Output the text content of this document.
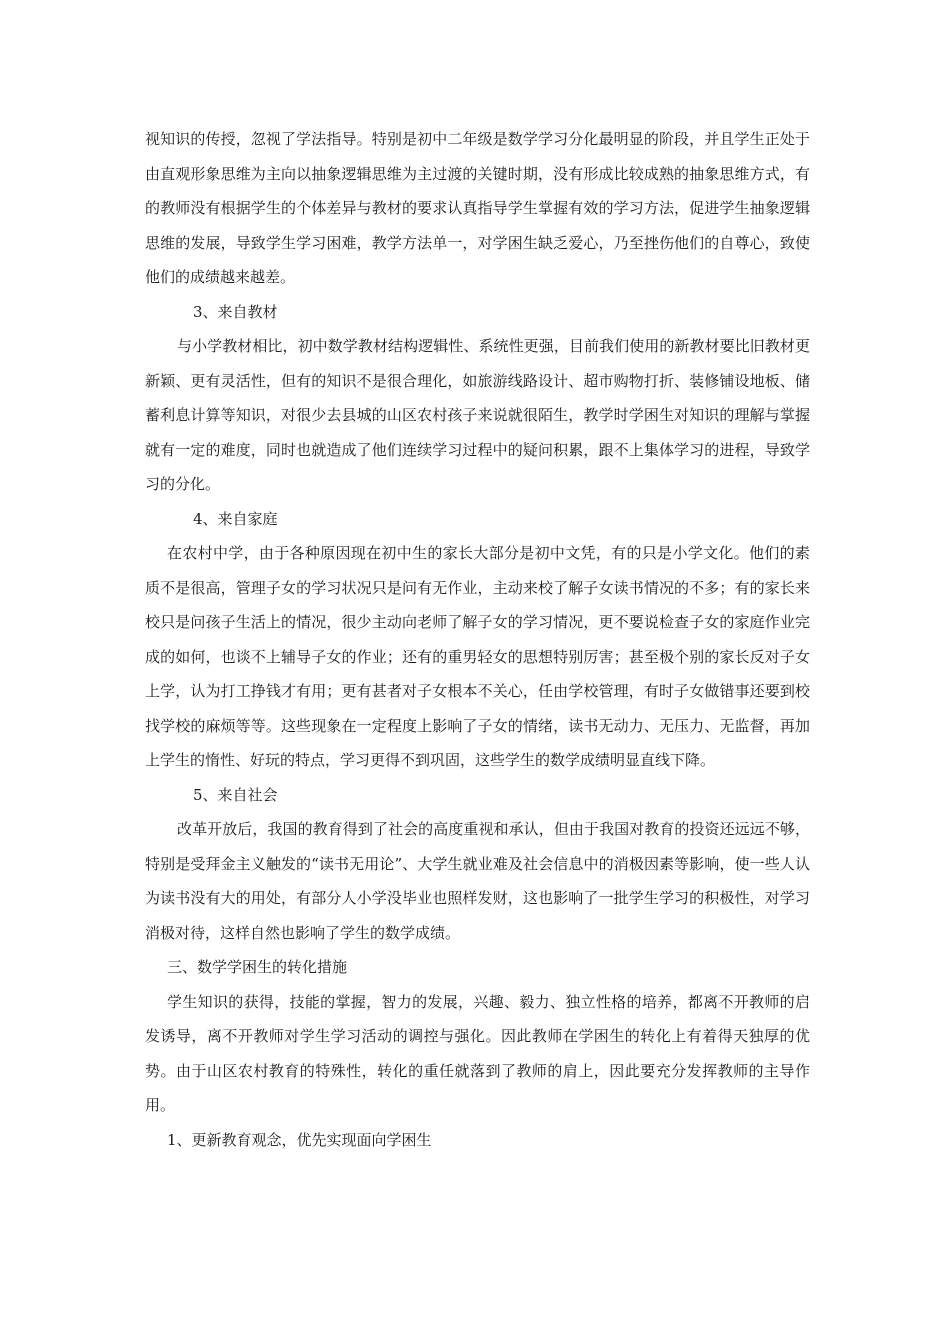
视知识的传授，忽视了学法指导。特别是初中二年级是数学学习分化最明显的阶段，并且学生正处于由直观形象思维为主向以抽象逻辑思维为主过渡的关键时期，没有形成比较成熟的抽象思维方式，有的教师没有根据学生的个体差异与教材的要求认真指导学生掌握有效的学习方法，促进学生抽象逻辑思维的发展，导致学生学习困难，教学方法单一，对学困生缺乏爱心，乃至挫伤他们的自尊心，致使他们的成绩越来越差。

3、来自教材

与小学教材相比，初中数学教材结构逻辑性、系统性更强，目前我们使用的新教材要比旧教材更新颖、更有灵活性，但有的知识不是很合理化，如旅游线路设计、超市购物打折、装修铺设地板、储蓄利息计算等知识，对很少去县城的山区农村孩子来说就很陌生，教学时学困生对知识的理解与掌握就有一定的难度，同时也就造成了他们连续学习过程中的疑问积累，跟不上集体学习的进程，导致学习的分化。

4、来自家庭

在农村中学，由于各种原因现在初中生的家长大部分是初中文凭，有的只是小学文化。他们的素质不是很高，管理子女的学习状况只是问有无作业，主动来校了解子女读书情况的不多；有的家长来校只是问孩子生活上的情况，很少主动向老师了解子女的学习情况，更不要说检查子女的家庭作业完成的如何，也谈不上辅导子女的作业；还有的重男轻女的思想特别厉害；甚至极个别的家长反对子女上学，认为打工挣钱才有用；更有甚者对子女根本不关心，任由学校管理，有时子女做错事还要到校找学校的麻烦等等。这些现象在一定程度上影响了子女的情绪，读书无动力、无压力、无监督，再加上学生的惰性、好玩的特点，学习更得不到巩固，这些学生的数学成绩明显直线下降。

5、来自社会

改革开放后，我国的教育得到了社会的高度重视和承认，但由于我国对教育的投资还远远不够，特别是受拜金主义触发的“读书无用论”、大学生就业难及社会信息中的消极因素等影响，使一些人认为读书没有大的用处，有部分人小学没毕业也照样发财，这也影响了一批学生学习的积极性，对学习消极对待，这样自然也影响了学生的数学成绩。

三、数学学困生的转化措施

学生知识的获得，技能的掌握，智力的发展，兴趣、毅力、独立性格的培养，都离不开教师的启发诱导，离不开教师对学生学习活动的调控与强化。因此教师在学困生的转化上有着得天独厚的优势。由于山区农村教育的特殊性，转化的重任就落到了教师的肩上，因此要充分发挥教师的主导作用。

1、更新教育观念，优先实现面向学困生
